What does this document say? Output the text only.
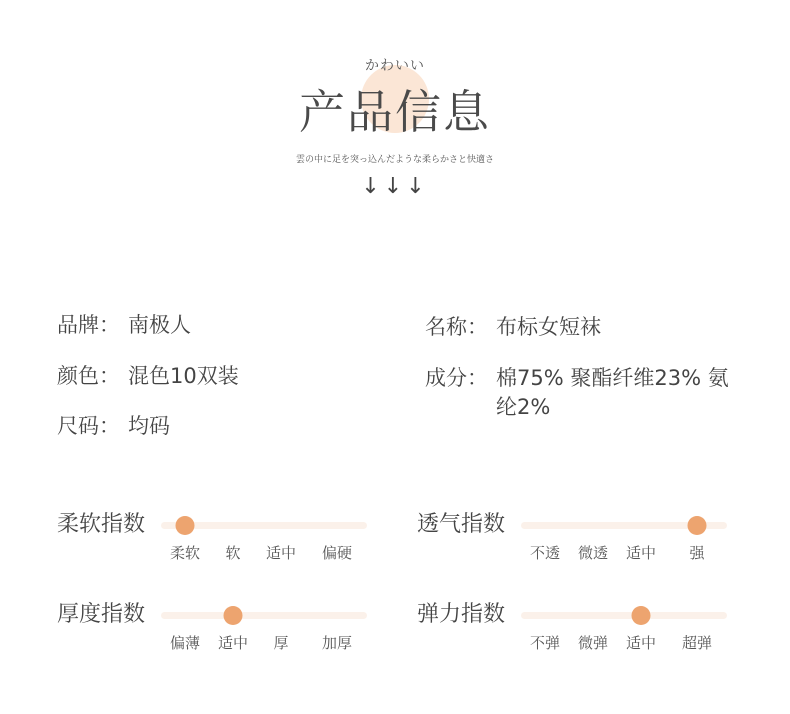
かわいい
产品信息
雲の中に足を突っ込んだような柔らかさと快適さ
↓↓↓
品牌： 南极人	名称： 布标女短袜
颜色： 混色10双装	成分： 棉75% 聚酯纤维23% 氨纶2%
尺码： 均码
柔软指数
柔软 软 适中 偏硬
透气指数
不透 微透 适中 强
厚度指数
偏薄 适中 厚 加厚
弹力指数
不弹 微弹 适中 超弹
